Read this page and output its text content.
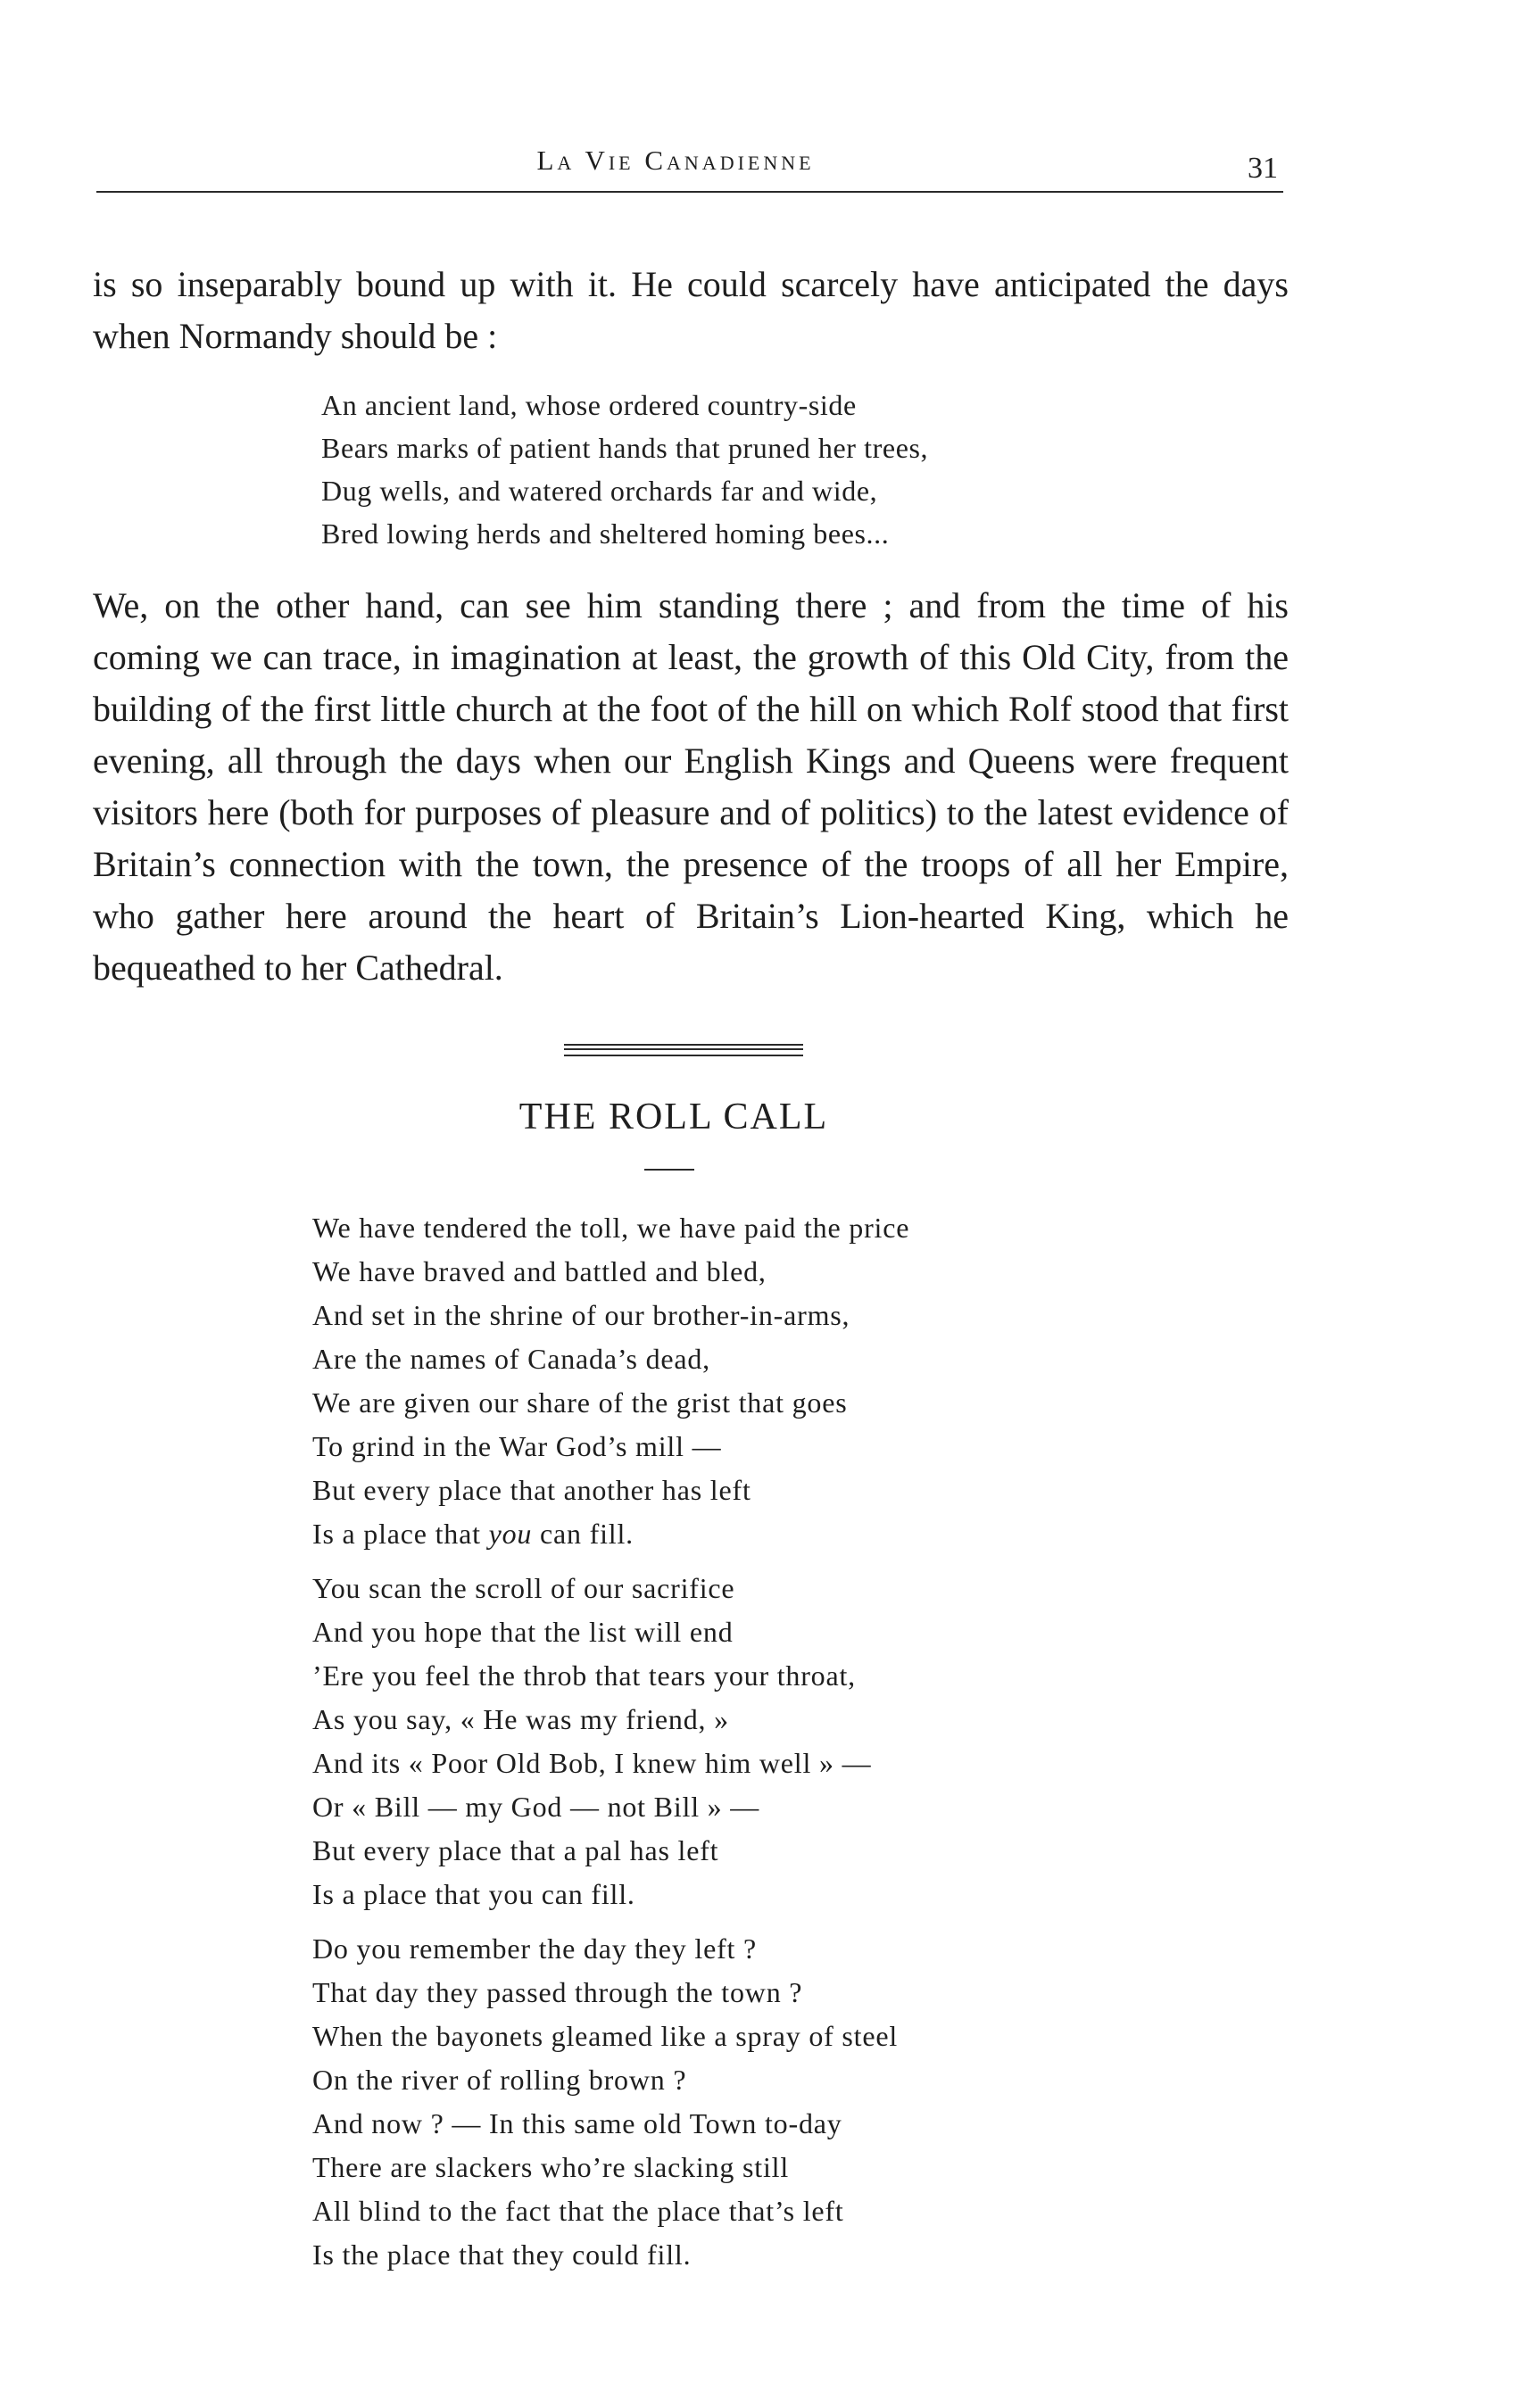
La Vie Canadienne	31

is so inseparably bound up with it. He could scarcely have anticipated the days when Normandy should be :

An ancient land, whose ordered country-side
Bears marks of patient hands that pruned her trees,
Dug wells, and watered orchards far and wide,
Bred lowing herds and sheltered homing bees...

We, on the other hand, can see him standing there ; and from the time of his coming we can trace, in imagination at least, the growth of this Old City, from the building of the first little church at the foot of the hill on which Rolf stood that first evening, all through the days when our English Kings and Queens were frequent visitors here (both for purposes of pleasure and of politics) to the latest evidence of Britain’s connection with the town, the presence of the troops of all her Empire, who gather here around the heart of Britain’s Lion-hearted King, which he bequeathed to her Cathedral.

THE ROLL CALL
We have tendered the toll, we have paid the price
We have braved and battled and bled,
And set in the shrine of our brother-in-arms,
Are the names of Canada’s dead,
We are given our share of the grist that goes
To grind in the War God’s mill —
But every place that another has left
Is a place that you can fill.
You scan the scroll of our sacrifice
And you hope that the list will end
’Ere you feel the throb that tears your throat,
As you say, « He was my friend, »
And its « Poor Old Bob, I knew him well » —
Or « Bill — my God — not Bill » —
But every place that a pal has left
Is a place that you can fill.
Do you remember the day they left ?
That day they passed through the town ?
When the bayonets gleamed like a spray of steel
On the river of rolling brown ?
And now ? — In this same old Town to-day
There are slackers who’re slacking still
All blind to the fact that the place that’s left
Is the place that they could fill.
